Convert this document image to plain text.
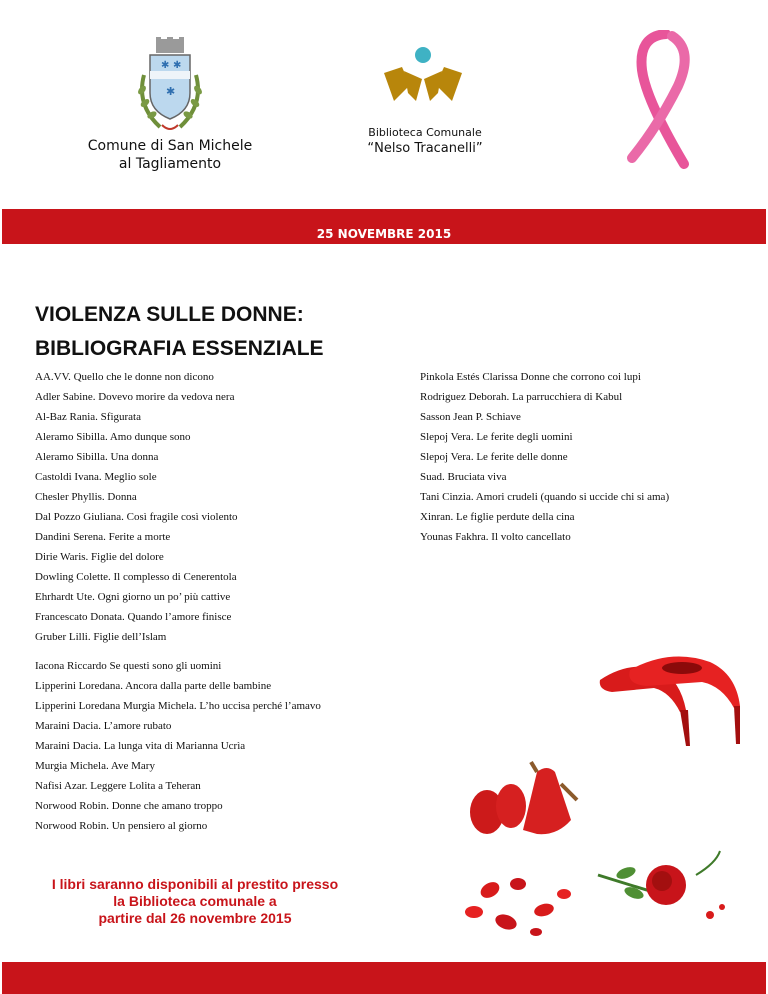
✱ ✱
✱
Comune di San Michele
al Tagliamento
Biblioteca Comunale
“Nelso Tracanelli”
25 NOVEMBRE 2015
VIOLENZA SULLE DONNE:
BIBLIOGRAFIA ESSENZIALE
AA.VV. Quello che le donne non dicono
Adler Sabine. Dovevo morire da vedova nera
Al-Baz Rania. Sfigurata
Aleramo Sibilla. Amo dunque sono
Aleramo Sibilla. Una donna
Castoldi Ivana. Meglio sole
Chesler Phyllis. Donna
Dal Pozzo Giuliana. Così fragile così violento
Dandini Serena. Ferite a morte
Dirie Waris. Figlie del dolore
Dowling Colette. Il complesso di Cenerentola
Ehrhardt Ute. Ogni giorno un po’ più cattive
Francescato Donata. Quando l’amore finisce
Gruber Lilli. Figlie dell’Islam
Iacona Riccardo Se questi sono gli uomini
Lipperini Loredana. Ancora dalla parte delle bambine
Lipperini Loredana Murgia Michela. L’ho uccisa perché l’amavo
Maraini Dacia. L’amore rubato
Maraini Dacia. La lunga vita di Marianna Ucrìa
Murgia Michela. Ave Mary
Nafisi Azar. Leggere Lolita a Teheran
Norwood Robin. Donne che amano troppo
Norwood Robin. Un pensiero al giorno
Pinkola Estés Clarissa Donne che corrono coi lupi
Rodriguez Deborah. La parrucchiera di Kabul
Sasson Jean P. Schiave
Slepoj Vera. Le ferite degli uomini
Slepoj Vera. Le ferite delle donne
Suad. Bruciata viva
Tani Cinzia. Amori crudeli (quando si uccide chi si ama)
Xinran. Le figlie perdute della cina
Younas Fakhra. Il volto cancellato
I libri saranno disponibili al prestito presso
la Biblioteca comunale a
partire dal 26 novembre 2015
